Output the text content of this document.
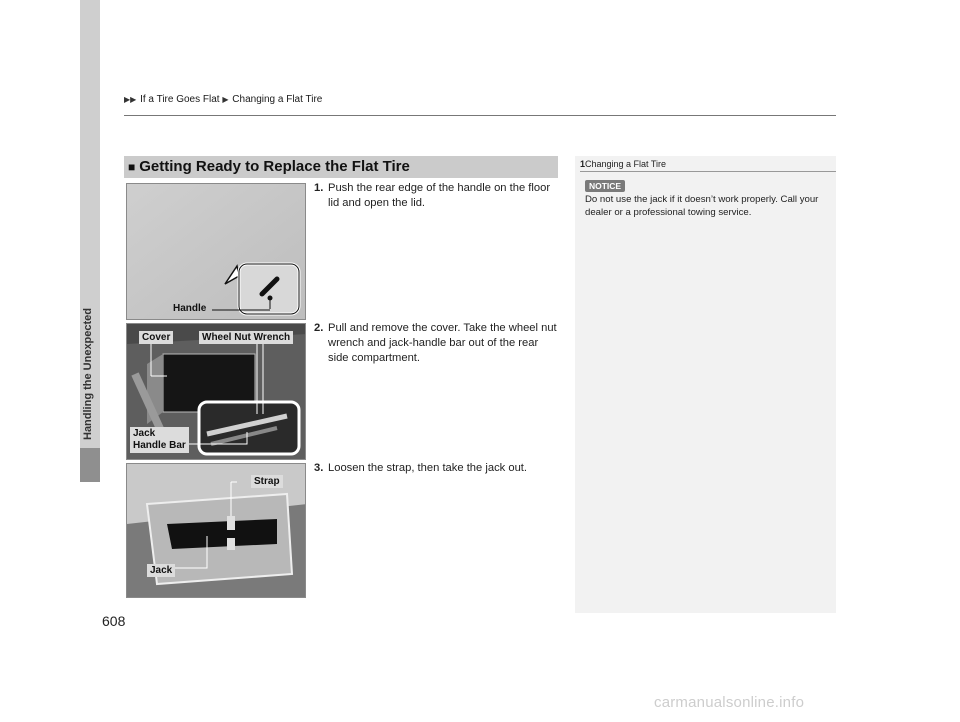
▶▶ If a Tire Goes Flat ▶ Changing a Flat Tire
■ Getting Ready to Replace the Flat Tire
Handle
Cover	Wheel Nut Wrench
Jack
Handle Bar
Strap
Jack
1. Push the rear edge of the handle on the floor lid and open the lid.
2. Pull and remove the cover. Take the wheel nut wrench and jack-handle bar out of the rear side compartment.
3. Loosen the strap, then take the jack out.
1Changing a Flat Tire
NOTICE
Do not use the jack if it doesn’t work properly. Call your dealer or a professional towing service.
608
carmanualsonline.info
